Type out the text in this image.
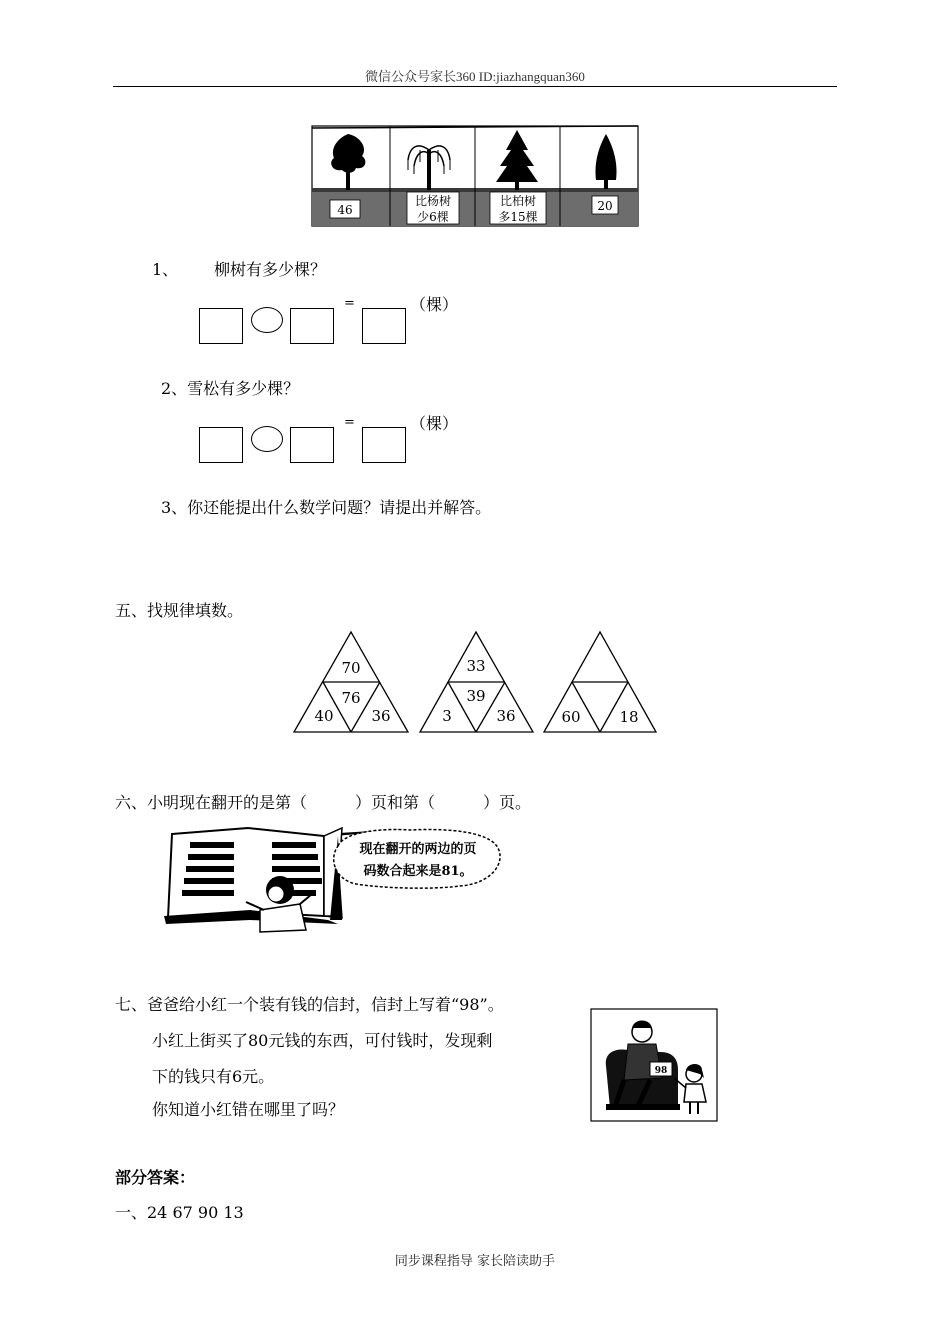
微信公众号家长360 ID:jiazhangquan360
46
比杨树
少6棵
比柏树
多15棵
20
1、 柳树有多少棵？
=	（棵）
2、雪松有多少棵？
=	（棵）
3、你还能提出什么数学问题？请提出并解答。
五、找规律填数。
70
76
40	36
33
39
3	36	60	18
六、小明现在翻开的是第（　　　）页和第（　　　）页。
现在翻开的两边的页
码数合起来是81。
七、爸爸给小红一个装有钱的信封，信封上写着“98”。
小红上街买了80元钱的东西，可付钱时，发现剩
下的钱只有6元。
你知道小红错在哪里了吗？
98
部分答案：
一、24 67 90 13
同步课程指导 家长陪读助手
